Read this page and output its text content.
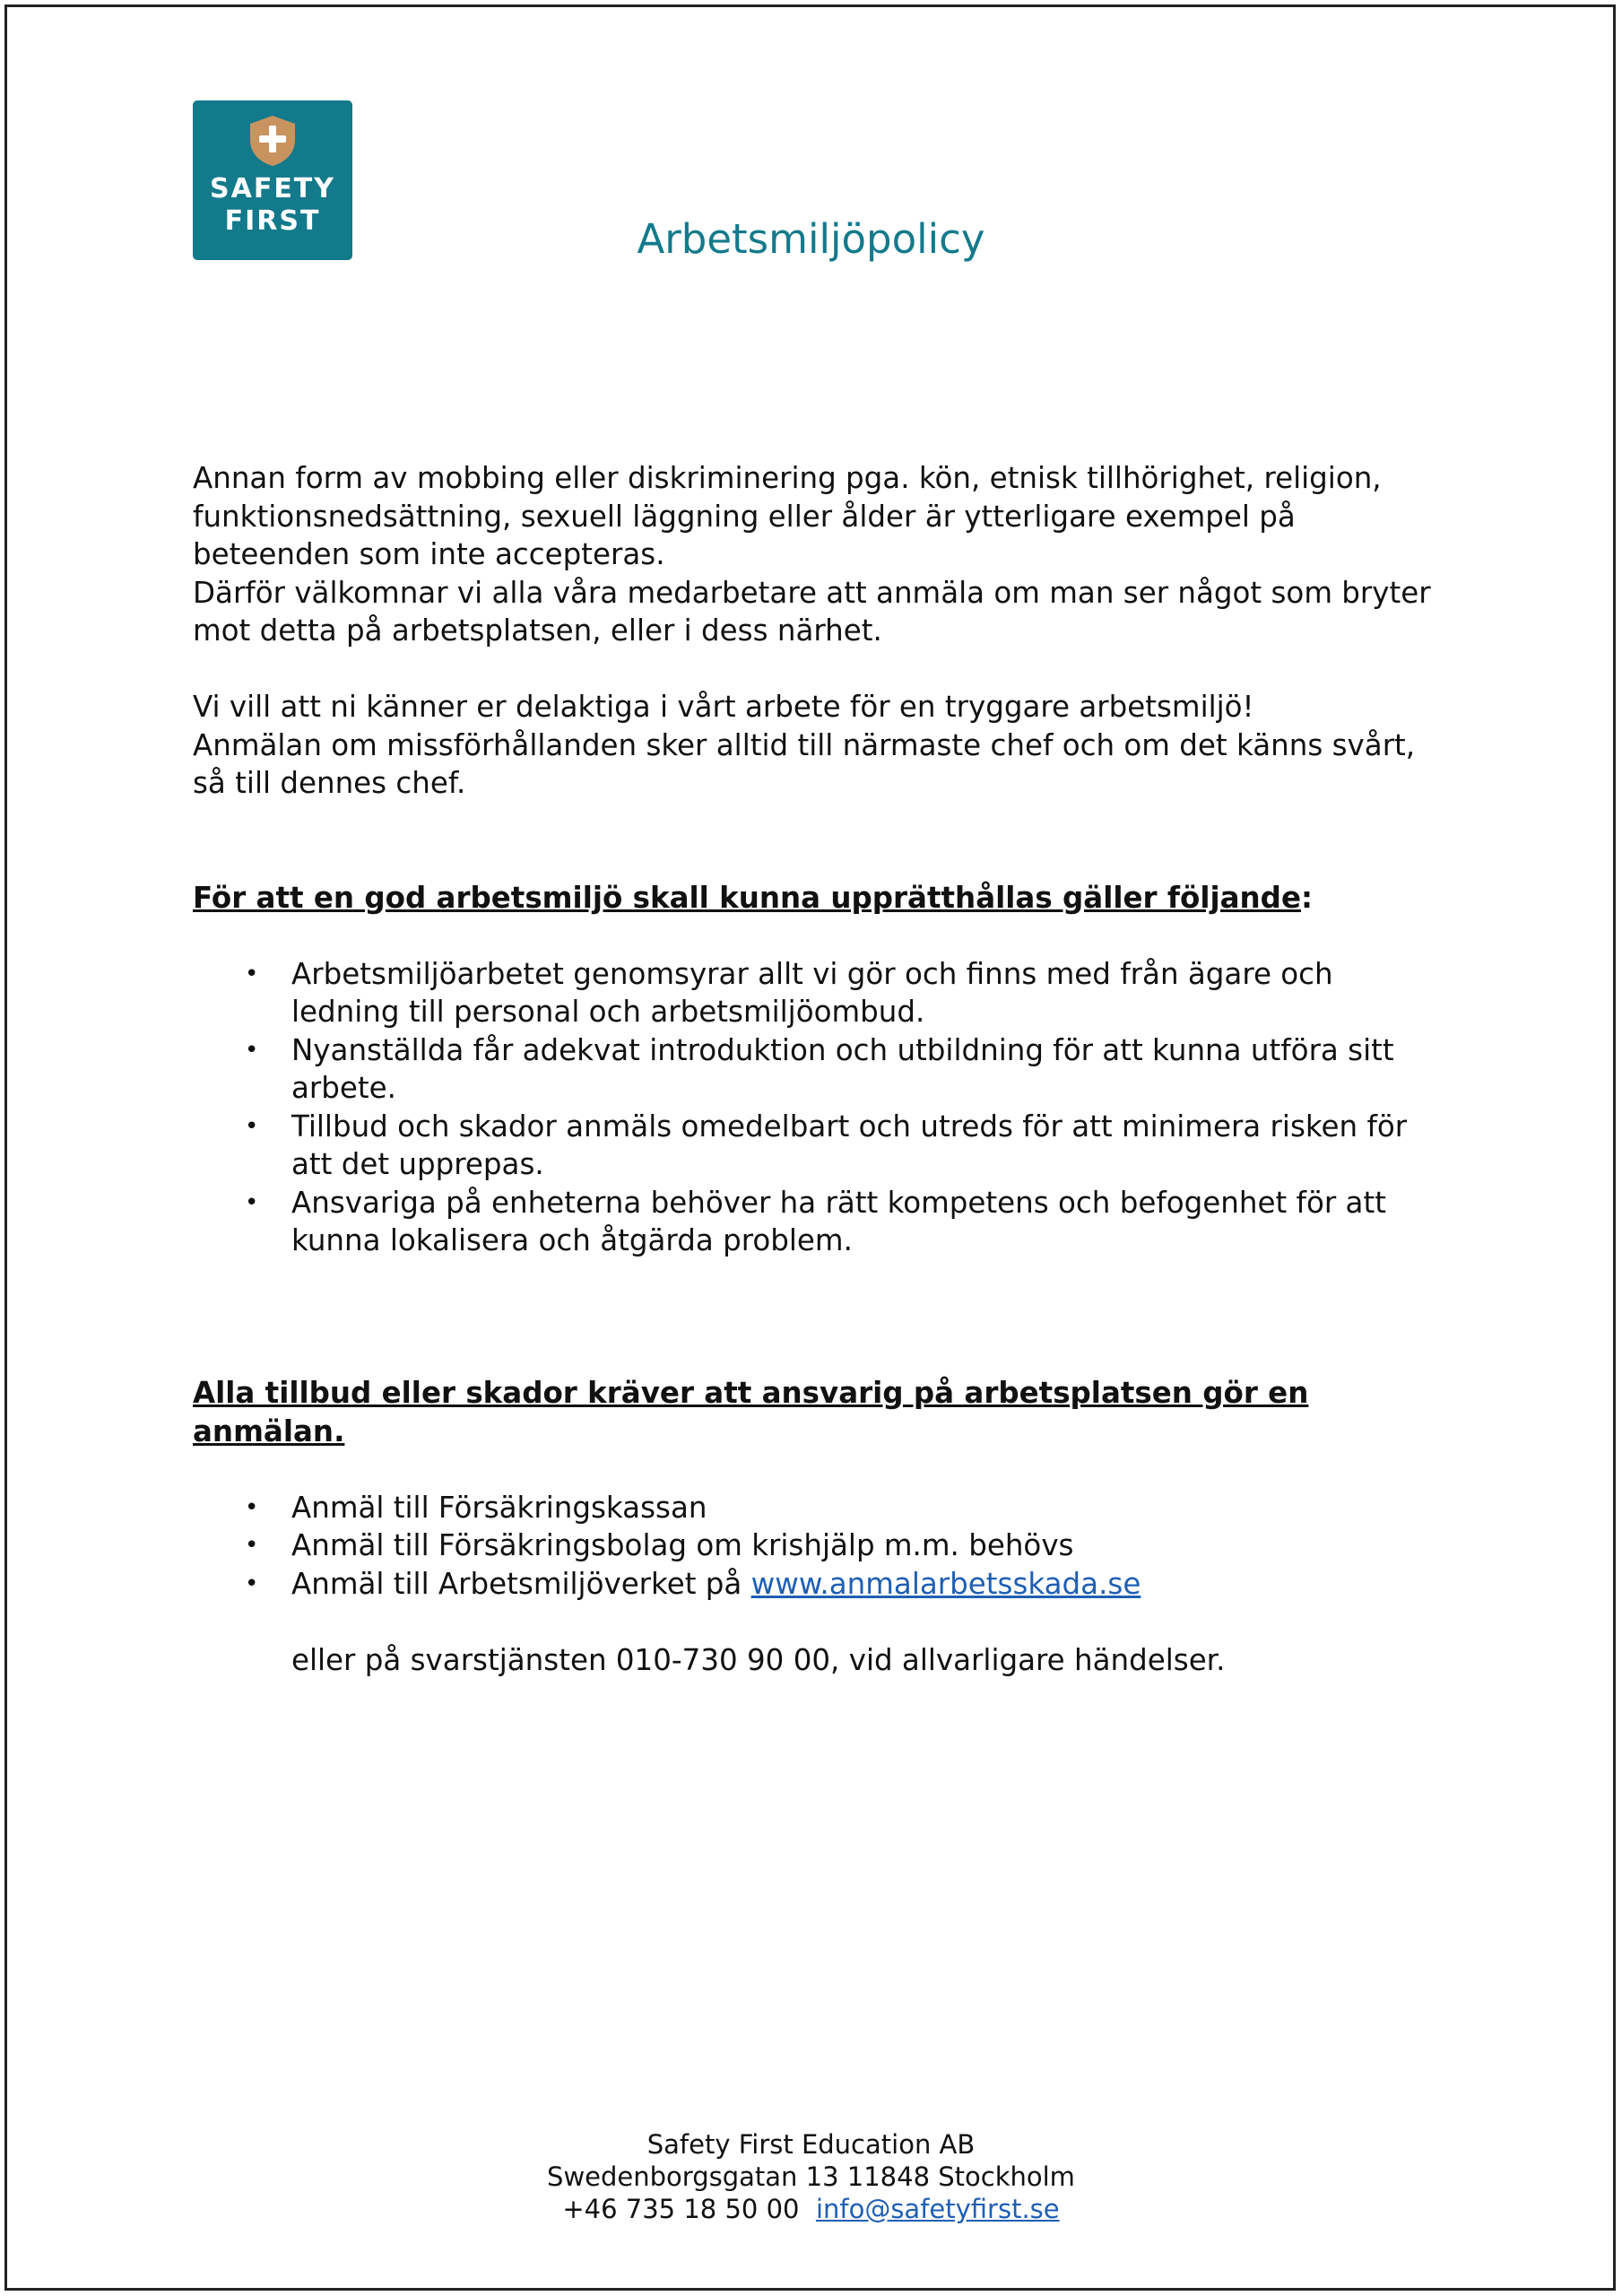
SAFETY
FIRST	Arbetsmiljöpolicy

Annan form av mobbing eller diskriminering pga. kön, etnisk tillhörighet, religion,

funktionsnedsättning, sexuell läggning eller ålder är ytterligare exempel på

beteenden som inte accepteras.

Därför välkomnar vi alla våra medarbetare att anmäla om man ser något som bryter

mot detta på arbetsplatsen, eller i dess närhet.

Vi vill att ni känner er delaktiga i vårt arbete för en tryggare arbetsmiljö!

Anmälan om missförhållanden sker alltid till närmaste chef och om det känns svårt,

så till dennes chef.

För att en god arbetsmiljö skall kunna upprätthållas gäller följande:

• Arbetsmiljöarbetet genomsyrar allt vi gör och finns med från ägare och
ledning till personal och arbetsmiljöombud.
• Nyanställda får adekvat introduktion och utbildning för att kunna utföra sitt
arbete.
• Tillbud och skador anmäls omedelbart och utreds för att minimera risken för
att det upprepas.
• Ansvariga på enheterna behöver ha rätt kompetens och befogenhet för att
kunna lokalisera och åtgärda problem.

Alla tillbud eller skador kräver att ansvarig på arbetsplatsen gör en anmälan.

• Anmäl till Försäkringskassan
• Anmäl till Försäkringsbolag om krishjälp m.m. behövs
• Anmäl till Arbetsmiljöverket på www.anmalarbetsskada.se

eller på svarstjänsten 010-730 90 00, vid allvarligare händelser.

Safety First Education AB
Swedenborgsgatan 13 11848 Stockholm
+46 735 18 50 00 info@safetyfirst.se
